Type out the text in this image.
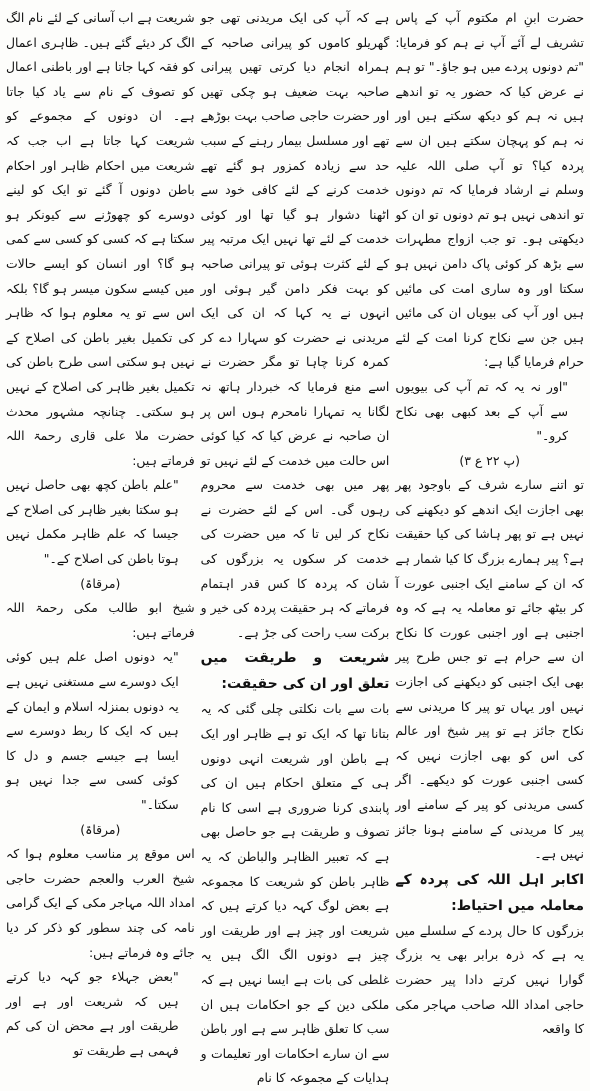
حضرت ابنِ ام مکتوم آپ کے پاس تشریف لے آئے آپ نے ہم کو فرمایا: "تم دونوں پردے میں ہو جاؤ۔" تو ہم نے عرض کیا کہ حضور یہ تو اندھے ہیں نہ ہم کو دیکھ سکتے ہیں اور نہ ہم کو پہچان سکتے ہیں ان سے پردہ کیا؟ تو آپ صلی اللہ علیہ وسلم نے ارشاد فرمایا کہ تم دونوں تو اندھی نہیں ہو تم دونوں تو ان کو دیکھتی ہو۔ تو جب ازواج مطہرات سے بڑھ کر کوئی پاک دامن نہیں ہو سکتا اور وہ ساری امت کی مائیں ہیں اور آپ کی بیویاں ان کی مائیں ہیں جن سے نکاح کرنا امت کے لئے حرام فرمایا گیا ہے:

"اور نہ یہ کہ تم آپ کی بیویوں سے آپ کے بعد کبھی بھی نکاح کرو۔"

(پ ۲۲ ع ۳)

تو اتنے سارے شرف کے باوجود پھر بھی اجازت ایک اندھے کو دیکھنے کی نہیں ہے تو پھر ہاشا کی کیا حقیقت ہے؟ پیر ہمارے بزرگ کا کیا شمار ہے کہ ان کے سامنے ایک اجنبی عورت آ کر بیٹھ جائے تو معاملہ یہ ہے کہ وہ اجنبی ہے اور اجنبی عورت کا نکاح ان سے حرام ہے تو جس طرح پیر بھی ایک اجنبی کو دیکھنے کی اجازت نہیں اور یہاں تو پیر کا مریدنی سے نکاح جائز ہے تو پیر شیخ اور عالم کی اس کو بھی اجازت نہیں کہ کسی اجنبی عورت کو دیکھے۔ اگر کسی مریدنی کو پیر کے سامنے اور پیر کا مریدنی کے سامنے ہونا جائز نہیں ہے۔

اکابر اہل اللہ کی پردہ کے معاملہ میں احتیاط:

بزرگوں کا حال پردے کے سلسلے میں یہ ہے کہ ذرہ برابر بھی یہ بزرگ گوارا نہیں کرتے دادا پیر حضرت حاجی امداد اللہ صاحب مہاجر مکی کا واقعہ

ہے کہ آپ کی ایک مریدنی تھی جو گھریلو کاموں کو پیرانی صاحبہ کے ہمراہ انجام دیا کرتی تھیں پیرانی صاحبہ بہت ضعیف ہو چکی تھیں اور حضرت حاجی صاحب بہت بوڑھے تھے اور مسلسل بیمار رہنے کے سبب حد سے زیادہ کمزور ہو گئے تھے خدمت کرنے کے لئے کافی خود سے اٹھنا دشوار ہو گیا تھا اور کوئی خدمت کے لئے تھا نہیں ایک مرتبہ پیر کے لئے کثرت ہوئی تو پیرانی صاحبہ کو بہت فکر دامن گیر ہوئی اور انہوں نے یہ کہا کہ ان کی ایک مریدنی نے حضرت کو سہارا دے کر کمرہ کرنا چاہا تو مگر حضرت نے اسے منع فرمایا کہ خبردار ہاتھ نہ لگانا یہ تمہارا نامحرم ہوں اس پر ان صاحبہ نے عرض کیا کہ کیا کوئی اس حالت میں خدمت کے لئے نہیں تو پھر میں بھی خدمت سے محروم رہوں گی۔ اس کے لئے حضرت نے نکاح کر لیں تا کہ میں حضرت کی خدمت کر سکوں یہ بزرگوں کی شان کہ پردہ کا کس قدر اہتمام فرماتے کہ ہر حقیقت پردہ کی خیر و برکت سب راحت کی جڑ ہے۔

شریعت و طریقت میں تعلق اور ان کی حقیقت:

بات سے بات نکلتی چلی گئی کہ یہ بتانا تھا کہ ایک تو ہے ظاہر اور ایک ہے باطن اور شریعت انہی دونوں ہی کے متعلق احکام ہیں ان کی پابندی کرنا ضروری ہے اسی کا نام تصوف و طریقت ہے جو حاصل بھی ہے کہ تعبیر الظاہر والباطن کہ یہ ظاہر باطن کو شریعت کا مجموعہ ہے بعض لوگ کہہ دیا کرتے ہیں کہ شریعت اور چیز ہے اور طریقت اور چیز ہے دونوں الگ الگ ہیں یہ غلطی کی بات ہے ایسا نہیں ہے کہ ملکی دین کے جو احکامات ہیں ان سب کا تعلق ظاہر سے ہے اور باطن سے ان سارے احکامات اور تعلیمات و ہدایات کے مجموعہ کا نام

شریعت ہے اب آسانی کے لئے نام الگ الگ کر دیئے گئے ہیں۔ ظاہری اعمال کو فقہ کہا جاتا ہے اور باطنی اعمال کو تصوف کے نام سے یاد کیا جاتا ہے۔ ان دونوں کے مجموعے کو شریعت کہا جاتا ہے اب جب کہ شریعت میں احکام ظاہر اور احکام باطن دونوں آ گئے تو ایک کو لینے دوسرے کو چھوڑنے سے کیونکر ہو سکتا ہے کہ کسی کو کسی سے کمی ہو گا؟ اور انسان کو ایسے حالات میں کیسے سکون میسر ہو گا؟ بلکہ اس سے تو یہ معلوم ہوا کہ ظاہر کی تکمیل بغیر باطن کی اصلاح کے نہیں ہو سکتی اسی طرح باطن کی تکمیل بغیر ظاہر کی اصلاح کے نہیں ہو سکتی۔ چنانچہ مشہور محدث حضرت ملا علی قاری رحمۃ اللہ فرماتے ہیں:

"علم باطن کچھ بھی حاصل نہیں ہو سکتا بغیر ظاہر کی اصلاح کے جیسا کہ علم ظاہر مکمل نہیں ہوتا باطن کی اصلاح کے۔"

(مرقاۃ)

شیخ ابو طالب مکی رحمۃ اللہ فرماتے ہیں:

"یہ دونوں اصل علم ہیں کوئی ایک دوسرے سے مستغنی نہیں ہے یہ دونوں بمنزلہ اسلام و ایمان کے ہیں کہ ایک کا ربط دوسرے سے ایسا ہے جیسے جسم و دل کا کوئی کسی سے جدا نہیں ہو سکتا۔"

(مرقاۃ)

اس موقع پر مناسب معلوم ہوا کہ شیخ العرب والعجم حضرت حاجی امداد اللہ مہاجر مکی کے ایک گرامی نامہ کی چند سطور کو ذکر کر دیا جائے وہ فرماتے ہیں:

"بعض جہلاء جو کہہ دیا کرتے ہیں کہ شریعت اور ہے اور طریقت اور ہے محض ان کی کم فہمی ہے طریقت تو
